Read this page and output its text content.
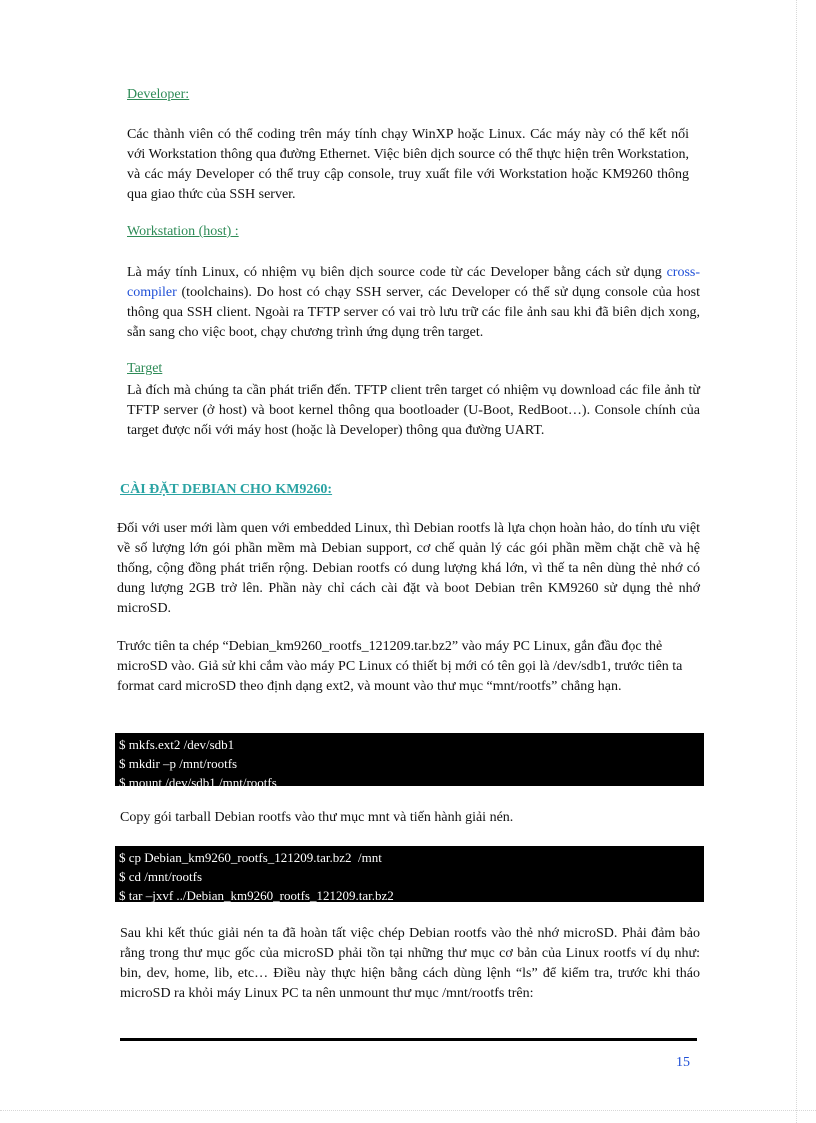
Developer:

Các thành viên có thể coding trên máy tính chạy WinXP hoặc Linux. Các máy này có thể kết nối với Workstation thông qua đường Ethernet. Việc biên dịch source có thể thực hiện trên Workstation, và các máy Developer có thể truy cập console, truy xuất file với Workstation hoặc KM9260 thông qua giao thức của SSH server.

Workstation (host) :

Là máy tính Linux, có nhiệm vụ biên dịch source code từ các Developer bằng cách sử dụng cross-compiler (toolchains). Do host có chạy SSH server, các Developer có thể sử dụng console của host thông qua SSH client. Ngoài ra TFTP server có vai trò lưu trữ các file ảnh sau khi đã biên dịch xong, sẵn sang cho việc boot, chạy chương trình ứng dụng trên target.

Target

Là đích mà chúng ta cần phát triển đến. TFTP client trên target có nhiệm vụ download các file ảnh từ TFTP server (ở host) và boot kernel thông qua bootloader (U-Boot, RedBoot…). Console chính của target được nối với máy host (hoặc là Developer) thông qua đường UART.

CÀI ĐẶT DEBIAN CHO KM9260:

Đối với user mới làm quen với embedded Linux, thì Debian rootfs là lựa chọn hoàn hảo, do tính ưu việt về số lượng lớn gói phần mềm mà Debian support, cơ chế quản lý các gói phần mềm chặt chẽ và hệ thống, cộng đồng phát triển rộng. Debian rootfs có dung lượng khá lớn, vì thế ta nên dùng thẻ nhớ có dung lượng 2GB trở lên. Phần này chỉ cách cài đặt và boot Debian trên KM9260 sử dụng thẻ nhớ microSD.

Trước tiên ta chép “Debian_km9260_rootfs_121209.tar.bz2” vào máy PC Linux, gắn đầu đọc thẻ microSD vào. Giả sử khi cắm vào máy PC Linux có thiết bị mới có tên gọi là /dev/sdb1, trước tiên ta format card microSD theo định dạng ext2, và mount vào thư mục “mnt/rootfs” chẳng hạn.

$ mkfs.ext2 /dev/sdb1
$ mkdir –p /mnt/rootfs
$ mount /dev/sdb1 /mnt/rootfs

Copy gói tarball Debian rootfs vào thư mục mnt và tiến hành giải nén.

$ cp Debian_km9260_rootfs_121209.tar.bz2  /mnt
$ cd /mnt/rootfs
$ tar –jxvf ../Debian_km9260_rootfs_121209.tar.bz2

Sau khi kết thúc giải nén ta đã hoàn tất việc chép Debian rootfs vào thẻ nhớ microSD. Phải đảm bảo rằng trong thư mục gốc của microSD phải tồn tại những thư mục cơ bản của Linux rootfs ví dụ như: bin, dev, home, lib, etc… Điều này thực hiện bằng cách dùng lệnh “ls” để kiểm tra, trước khi tháo microSD ra khỏi máy Linux PC ta nên unmount thư mục /mnt/rootfs trên:

15
